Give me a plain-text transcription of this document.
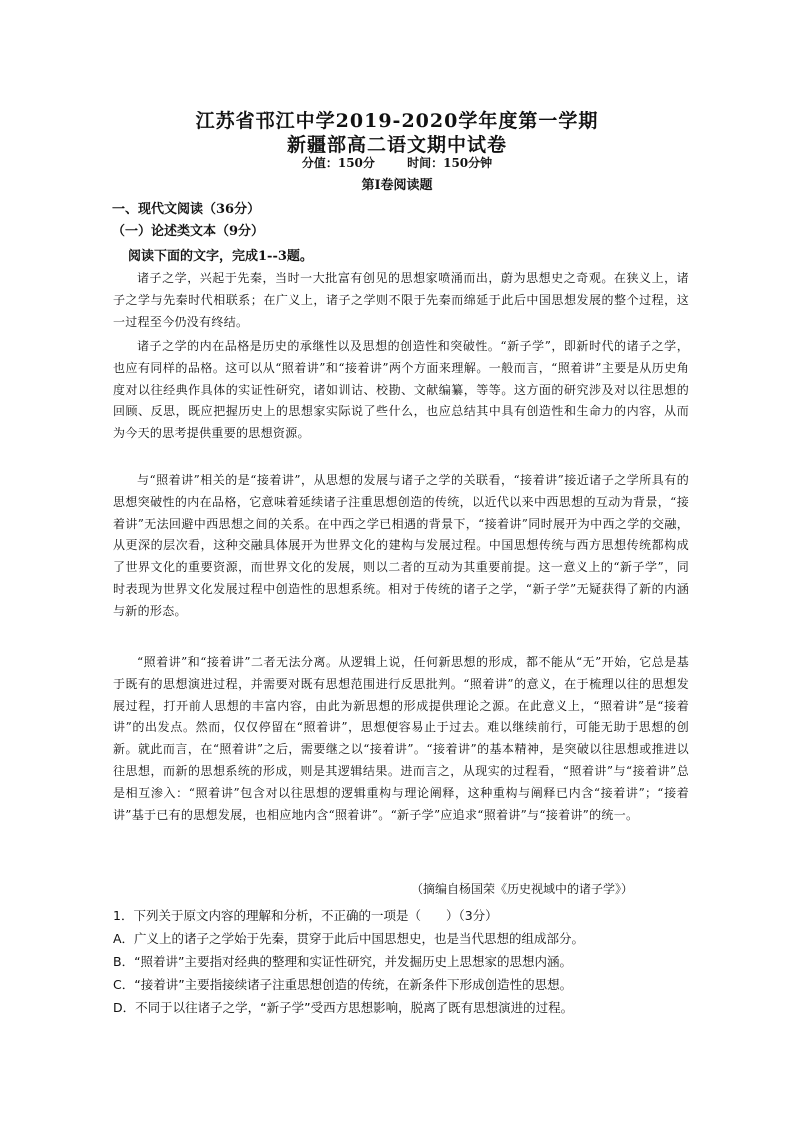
江苏省邗江中学2019-2020学年度第一学期
新疆部高二语文期中试卷
分值：150分	时间：150分钟
第Ⅰ卷阅读题
一、现代文阅读（36分）
（一）论述类文本（9分）
阅读下面的文字，完成1--3题。
诸子之学，兴起于先秦，当时一大批富有创见的思想家喷涌而出，蔚为思想史之奇观。在狭义上，诸子之学与先秦时代相联系；在广义上，诸子之学则不限于先秦而绵延于此后中国思想发展的整个过程，这一过程至今仍没有终结。
诸子之学的内在品格是历史的承继性以及思想的创造性和突破性。“新子学”，即新时代的诸子之学，也应有同样的品格。这可以从“照着讲”和“接着讲”两个方面来理解。一般而言，“照着讲”主要是从历史角度对以往经典作具体的实证性研究，诸如训诂、校勘、文献编纂，等等。这方面的研究涉及对以往思想的回顾、反思，既应把握历史上的思想家实际说了些什么，也应总结其中具有创造性和生命力的内容，从而为今天的思考提供重要的思想资源。
与“照着讲”相关的是“接着讲”，从思想的发展与诸子之学的关联看，“接着讲”接近诸子之学所具有的思想突破性的内在品格，它意味着延续诸子注重思想创造的传统，以近代以来中西思想的互动为背景，“接着讲”无法回避中西思想之间的关系。在中西之学已相遇的背景下，“接着讲”同时展开为中西之学的交融，从更深的层次看，这种交融具体展开为世界文化的建构与发展过程。中国思想传统与西方思想传统都构成了世界文化的重要资源，而世界文化的发展，则以二者的互动为其重要前提。这一意义上的“新子学”，同时表现为世界文化发展过程中创造性的思想系统。相对于传统的诸子之学，“新子学”无疑获得了新的内涵与新的形态。
“照着讲”和“接着讲”二者无法分离。从逻辑上说，任何新思想的形成，都不能从“无”开始，它总是基于既有的思想演进过程，并需要对既有思想范围进行反思批判。“照着讲”的意义，在于梳理以往的思想发展过程，打开前人思想的丰富内容，由此为新思想的形成提供理论之源。在此意义上，“照着讲”是“接着讲”的出发点。然而，仅仅停留在“照着讲”，思想便容易止于过去。难以继续前行，可能无助于思想的创新。就此而言，在“照着讲”之后，需要继之以“接着讲”。“接着讲”的基本精神，是突破以往思想或推进以往思想，而新的思想系统的形成，则是其逻辑结果。进而言之，从现实的过程看，“照着讲”与“接着讲”总是相互渗入：“照着讲”包含对以往思想的逻辑重构与理论阐释，这种重构与阐释已内含“接着讲”；“接着讲”基于已有的思想发展，也相应地内含“照着讲”。“新子学”应追求“照着讲”与“接着讲”的统一。
（摘编自杨国荣《历史视域中的诸子学》）
1．下列关于原文内容的理解和分析，不正确的一项是（　　）（3分）
A．广义上的诸子之学始于先秦，贯穿于此后中国思想史，也是当代思想的组成部分。
B．“照着讲”主要指对经典的整理和实证性研究，并发掘历史上思想家的思想内涵。
C．“接着讲”主要指接续诸子注重思想创造的传统，在新条件下形成创造性的思想。
D．不同于以往诸子之学，“新子学”受西方思想影响，脱离了既有思想演进的过程。
